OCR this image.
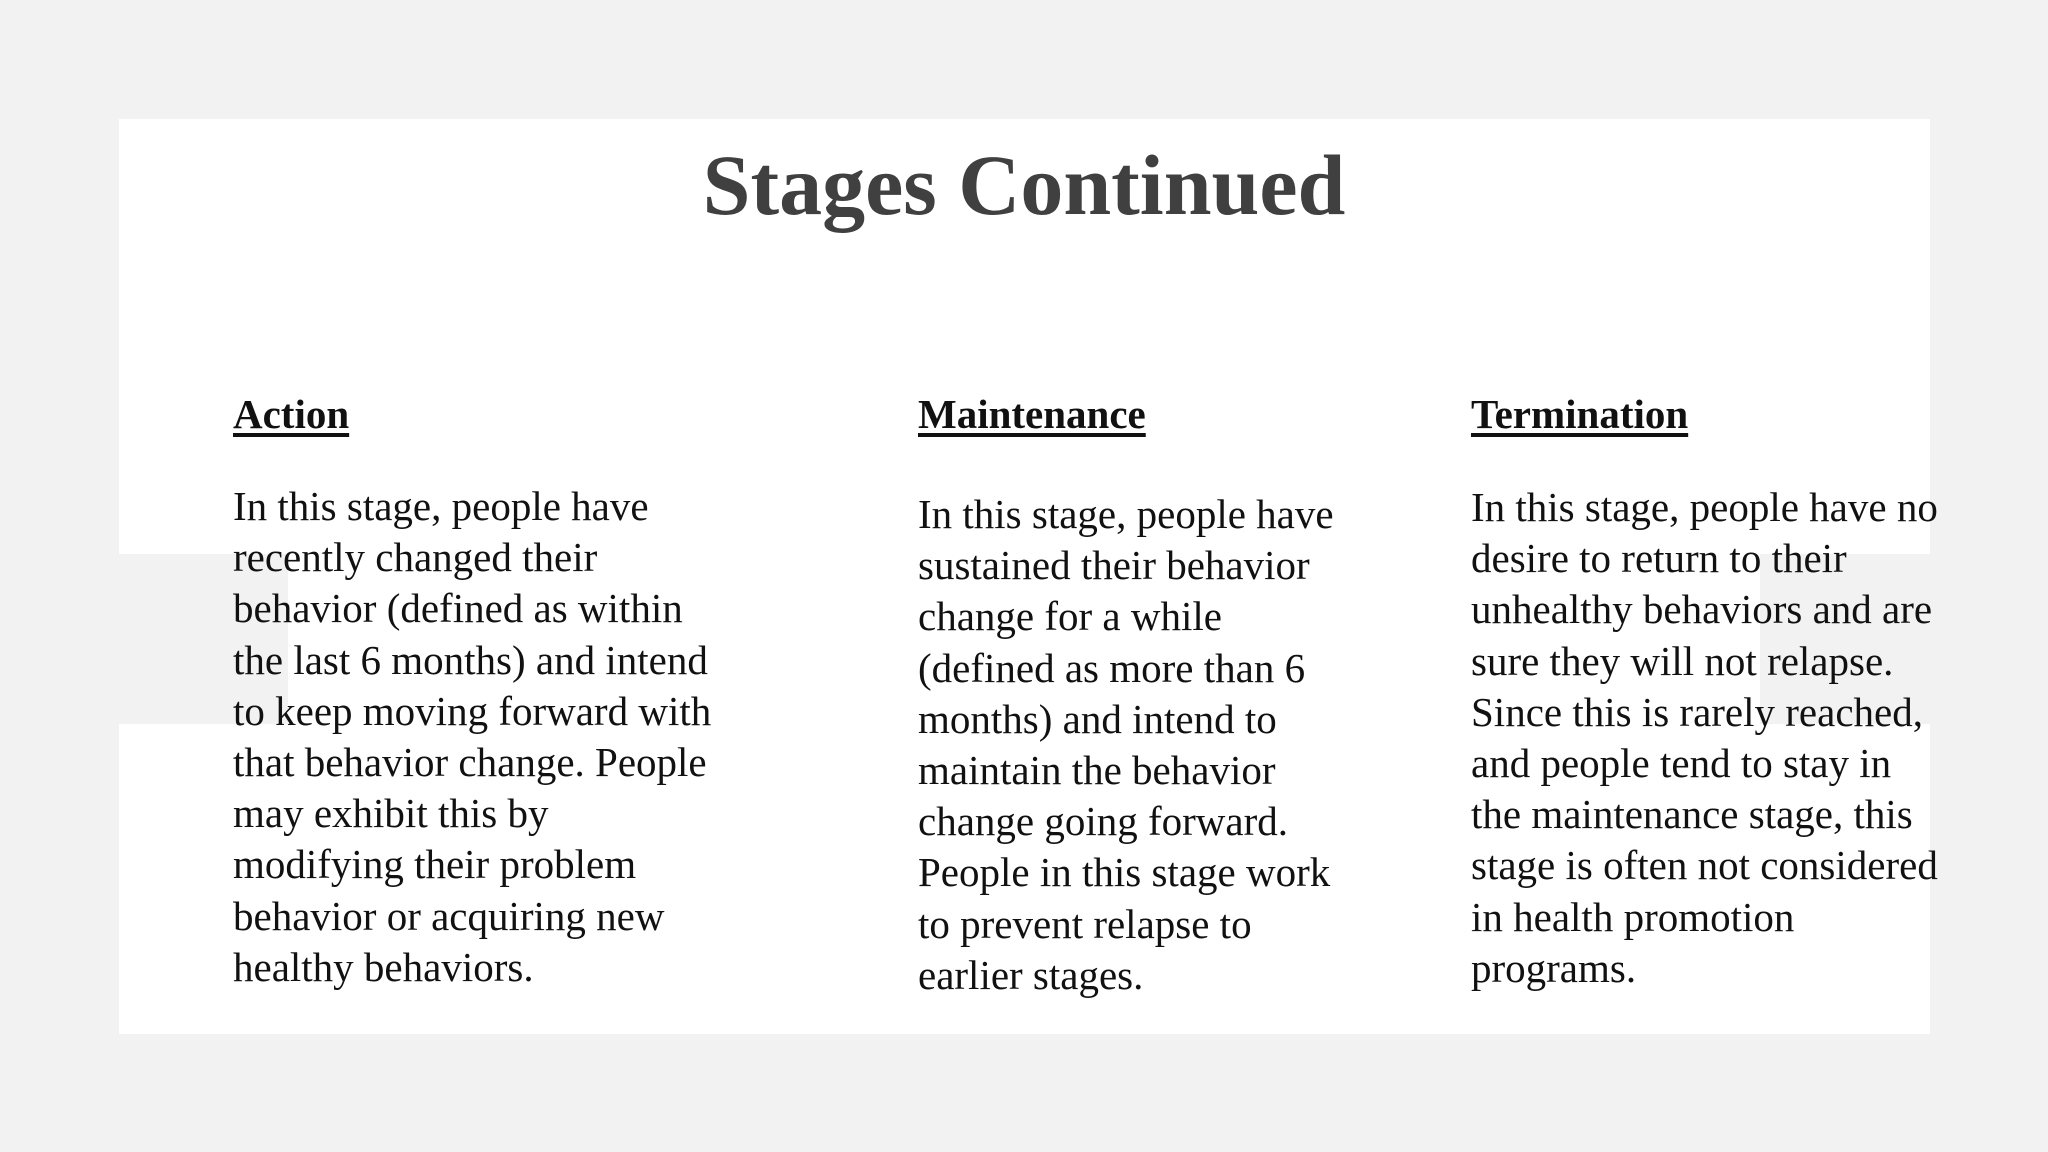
Stages Continued

Action

In this stage, people have recently changed their behavior (defined as within the last 6 months) and intend to keep moving forward with that behavior change. People may exhibit this by modifying their problem behavior or acquiring new healthy behaviors.

Maintenance

In this stage, people have sustained their behavior change for a while (defined as more than 6 months) and intend to maintain the behavior change going forward. People in this stage work to prevent relapse to earlier stages.

Termination

In this stage, people have no desire to return to their unhealthy behaviors and are sure they will not relapse. Since this is rarely reached, and people tend to stay in the maintenance stage, this stage is often not considered in health promotion programs.
